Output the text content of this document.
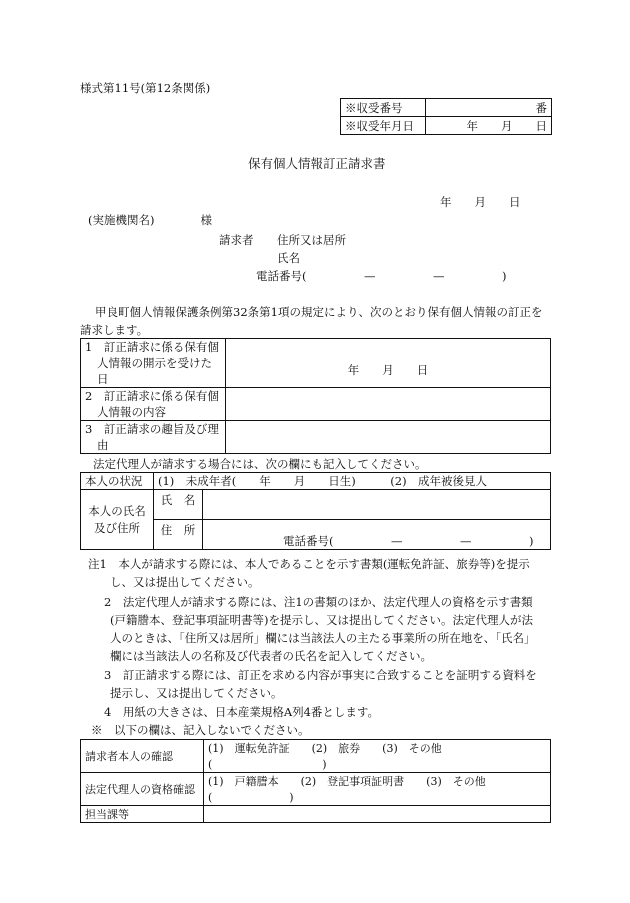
様式第11号(第12条関係)
※収受番号	番
※収受年月日	年　　月　　日
保有個人情報訂正請求書
年　　月　　日
(実施機関名)　　　　様
請求者 住所又は居所
氏名
電話番号(　　　　　—　　　　　—　　　　　)
甲良町個人情報保護条例第32条第1項の規定により、次のとおり保有個人情報の訂正を
請求します。
1　訂正請求に係る保有個
人情報の開示を受けた日	年　　月　　日

2　訂正請求に係る保有個
人情報の内容	

3　訂正請求の趣旨及び理
由	

法定代理人が請求する場合には、次の欄にも記入してください。
本人の状況	(1)　未成年者(　　年　　月　　日生)　　　(2)　成年被後見人	

本人の氏名
及び住所	氏　名	
	住　所	電話番号(　　　　　—　　　　　—　　　　　)
注1　本人が請求する際には、本人であることを示す書類(運転免許証、旅券等)を提示
し、又は提出してください。
2　法定代理人が請求する際には、注1の書類のほか、法定代理人の資格を示す書類
(戸籍謄本、登記事項証明書等)を提示し、又は提出してください。法定代理人が法
人のときは、「住所又は居所」欄には当該法人の主たる事業所の所在地を、「氏名」
欄には当該法人の名称及び代表者の氏名を記入してください。
3　訂正請求する際には、訂正を求める内容が事実に合致することを証明する資料を
提示し、又は提出してください。
4　用紙の大きさは、日本産業規格A列4番とします。
※　以下の欄は、記入しないでください。
請求者本人の確認	(1)　運転免許証　　(2)　旅券　　(3)　その他(　　　　　　　　　　)
法定代理人の資格確認	(1)　戸籍謄本　　(2)　登記事項証明書　　(3)　その他(　　　　　　　)
担当課等	
